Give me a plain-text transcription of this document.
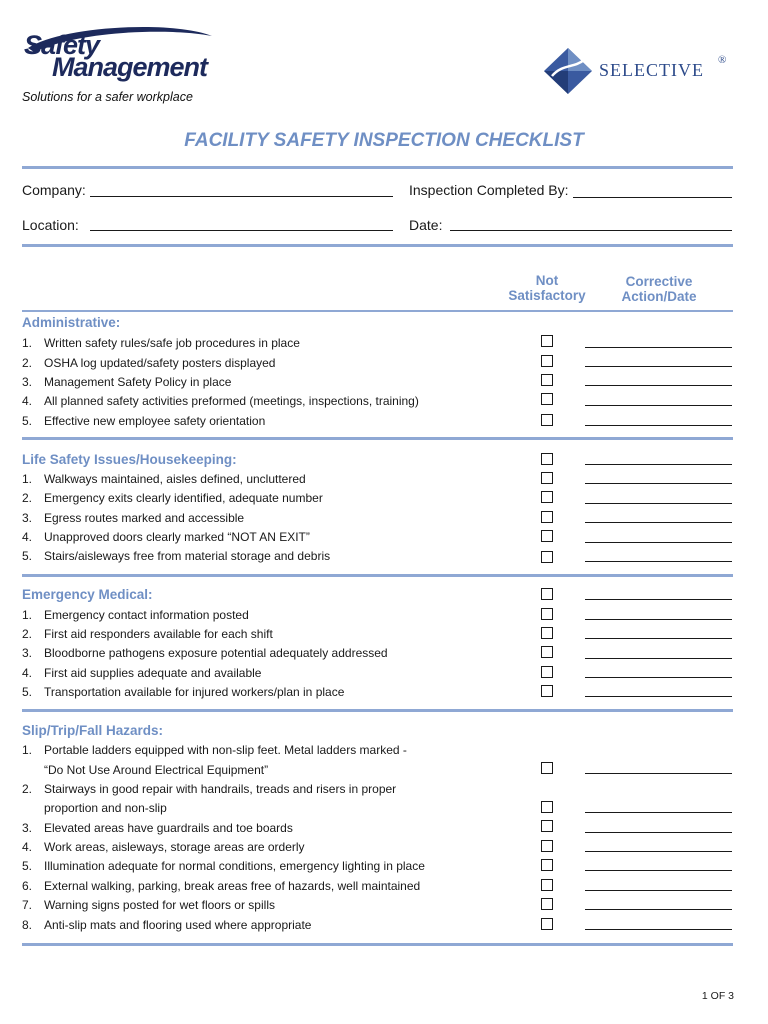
Safety
Management
Solutions for a safer workplace
SELECTIVE ®
FACILITY SAFETY INSPECTION CHECKLIST
Company:	Inspection Completed By:
Location:	Date:
Not
Satisfactory
Corrective
Action/Date
Administrative:
1. Written safety rules/safe job procedures in place
2. OSHA log updated/safety posters displayed
3. Management Safety Policy in place
4. All planned safety activities preformed (meetings, inspections, training)
5. Effective new employee safety orientation
Life Safety Issues/Housekeeping:
1. Walkways maintained, aisles defined, uncluttered
2. Emergency exits clearly identified, adequate number
3. Egress routes marked and accessible
4. Unapproved doors clearly marked “NOT AN EXIT”
5. Stairs/aisleways free from material storage and debris
Emergency Medical:
1. Emergency contact information posted
2. First aid responders available for each shift
3. Bloodborne pathogens exposure potential adequately addressed
4. First aid supplies adequate and available
5. Transportation available for injured workers/plan in place
Slip/Trip/Fall Hazards:
1. Portable ladders equipped with non-slip feet. Metal ladders marked -
“Do Not Use Around Electrical Equipment”
2. Stairways in good repair with handrails, treads and risers in proper
proportion and non-slip
3. Elevated areas have guardrails and toe boards
4. Work areas, aisleways, storage areas are orderly
5. Illumination adequate for normal conditions, emergency lighting in place
6. External walking, parking, break areas free of hazards, well maintained
7. Warning signs posted for wet floors or spills
8. Anti-slip mats and flooring used where appropriate
1 OF 3
